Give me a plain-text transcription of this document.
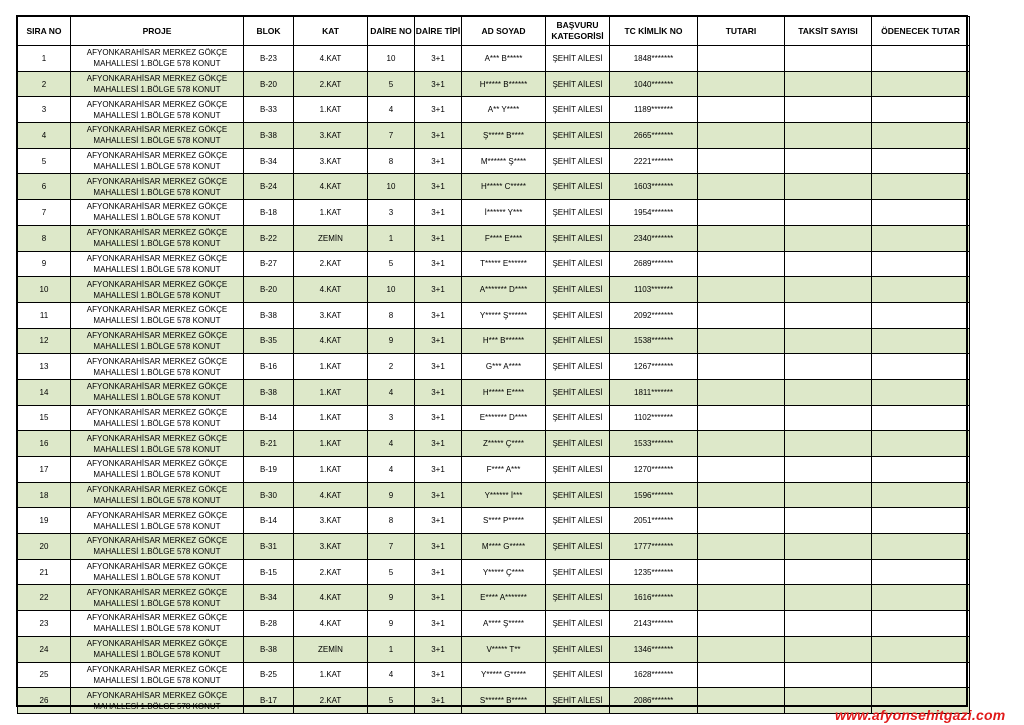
SIRA NO	PROJE	BLOK	KAT	DAİRE NO	DAİRE TİPİ	AD SOYAD	BAŞVURU KATEGORİSİ	TC KİMLİK NO	TUTARI	TAKSİT SAYISI	ÖDENECEK TUTAR
1	AFYONKARAHİSAR MERKEZ GÖKÇE MAHALLESİ 1.BÖLGE 578 KONUT	B-23	4.KAT	10	3+1	A*** B*****	ŞEHİT AİLESİ	1848*******			
2	AFYONKARAHİSAR MERKEZ GÖKÇE MAHALLESİ 1.BÖLGE 578 KONUT	B-20	2.KAT	5	3+1	H***** B******	ŞEHİT AİLESİ	1040*******			
3	AFYONKARAHİSAR MERKEZ GÖKÇE MAHALLESİ 1.BÖLGE 578 KONUT	B-33	1.KAT	4	3+1	A** Y****	ŞEHİT AİLESİ	1189*******			
4	AFYONKARAHİSAR MERKEZ GÖKÇE MAHALLESİ 1.BÖLGE 578 KONUT	B-38	3.KAT	7	3+1	Ş***** B****	ŞEHİT AİLESİ	2665*******			
5	AFYONKARAHİSAR MERKEZ GÖKÇE MAHALLESİ 1.BÖLGE 578 KONUT	B-34	3.KAT	8	3+1	M****** Ş****	ŞEHİT AİLESİ	2221*******			
6	AFYONKARAHİSAR MERKEZ GÖKÇE MAHALLESİ 1.BÖLGE 578 KONUT	B-24	4.KAT	10	3+1	H***** C*****	ŞEHİT AİLESİ	1603*******			
7	AFYONKARAHİSAR MERKEZ GÖKÇE MAHALLESİ 1.BÖLGE 578 KONUT	B-18	1.KAT	3	3+1	İ****** Y***	ŞEHİT AİLESİ	1954*******			
8	AFYONKARAHİSAR MERKEZ GÖKÇE MAHALLESİ 1.BÖLGE 578 KONUT	B-22	ZEMİN	1	3+1	F**** E****	ŞEHİT AİLESİ	2340*******			
9	AFYONKARAHİSAR MERKEZ GÖKÇE MAHALLESİ 1.BÖLGE 578 KONUT	B-27	2.KAT	5	3+1	T***** E******	ŞEHİT AİLESİ	2689*******			
10	AFYONKARAHİSAR MERKEZ GÖKÇE MAHALLESİ 1.BÖLGE 578 KONUT	B-20	4.KAT	10	3+1	A******* D****	ŞEHİT AİLESİ	1103*******			
11	AFYONKARAHİSAR MERKEZ GÖKÇE MAHALLESİ 1.BÖLGE 578 KONUT	B-38	3.KAT	8	3+1	Y***** Ş******	ŞEHİT AİLESİ	2092*******			
12	AFYONKARAHİSAR MERKEZ GÖKÇE MAHALLESİ 1.BÖLGE 578 KONUT	B-35	4.KAT	9	3+1	H*** B******	ŞEHİT AİLESİ	1538*******			
13	AFYONKARAHİSAR MERKEZ GÖKÇE MAHALLESİ 1.BÖLGE 578 KONUT	B-16	1.KAT	2	3+1	G*** A****	ŞEHİT AİLESİ	1267*******			
14	AFYONKARAHİSAR MERKEZ GÖKÇE MAHALLESİ 1.BÖLGE 578 KONUT	B-38	1.KAT	4	3+1	H***** E****	ŞEHİT AİLESİ	1811*******			
15	AFYONKARAHİSAR MERKEZ GÖKÇE MAHALLESİ 1.BÖLGE 578 KONUT	B-14	1.KAT	3	3+1	E******* D****	ŞEHİT AİLESİ	1102*******			
16	AFYONKARAHİSAR MERKEZ GÖKÇE MAHALLESİ 1.BÖLGE 578 KONUT	B-21	1.KAT	4	3+1	Z***** Ç****	ŞEHİT AİLESİ	1533*******			
17	AFYONKARAHİSAR MERKEZ GÖKÇE MAHALLESİ 1.BÖLGE 578 KONUT	B-19	1.KAT	4	3+1	F**** A***	ŞEHİT AİLESİ	1270*******			
18	AFYONKARAHİSAR MERKEZ GÖKÇE MAHALLESİ 1.BÖLGE 578 KONUT	B-30	4.KAT	9	3+1	Y****** İ***	ŞEHİT AİLESİ	1596*******			
19	AFYONKARAHİSAR MERKEZ GÖKÇE MAHALLESİ 1.BÖLGE 578 KONUT	B-14	3.KAT	8	3+1	S**** P*****	ŞEHİT AİLESİ	2051*******			
20	AFYONKARAHİSAR MERKEZ GÖKÇE MAHALLESİ 1.BÖLGE 578 KONUT	B-31	3.KAT	7	3+1	M**** G*****	ŞEHİT AİLESİ	1777*******			
21	AFYONKARAHİSAR MERKEZ GÖKÇE MAHALLESİ 1.BÖLGE 578 KONUT	B-15	2.KAT	5	3+1	Y***** Ç****	ŞEHİT AİLESİ	1235*******			
22	AFYONKARAHİSAR MERKEZ GÖKÇE MAHALLESİ 1.BÖLGE 578 KONUT	B-34	4.KAT	9	3+1	E**** A*******	ŞEHİT AİLESİ	1616*******			
23	AFYONKARAHİSAR MERKEZ GÖKÇE MAHALLESİ 1.BÖLGE 578 KONUT	B-28	4.KAT	9	3+1	A**** Ş*****	ŞEHİT AİLESİ	2143*******			
24	AFYONKARAHİSAR MERKEZ GÖKÇE MAHALLESİ 1.BÖLGE 578 KONUT	B-38	ZEMİN	1	3+1	V***** T**	ŞEHİT AİLESİ	1346*******			
25	AFYONKARAHİSAR MERKEZ GÖKÇE MAHALLESİ 1.BÖLGE 578 KONUT	B-25	1.KAT	4	3+1	Y***** G*****	ŞEHİT AİLESİ	1628*******			
26	AFYONKARAHİSAR MERKEZ GÖKÇE MAHALLESİ 1.BÖLGE 578 KONUT	B-17	2.KAT	5	3+1	S****** B*****	ŞEHİT AİLESİ	2086*******			
www.afyonsehitgazi.com
